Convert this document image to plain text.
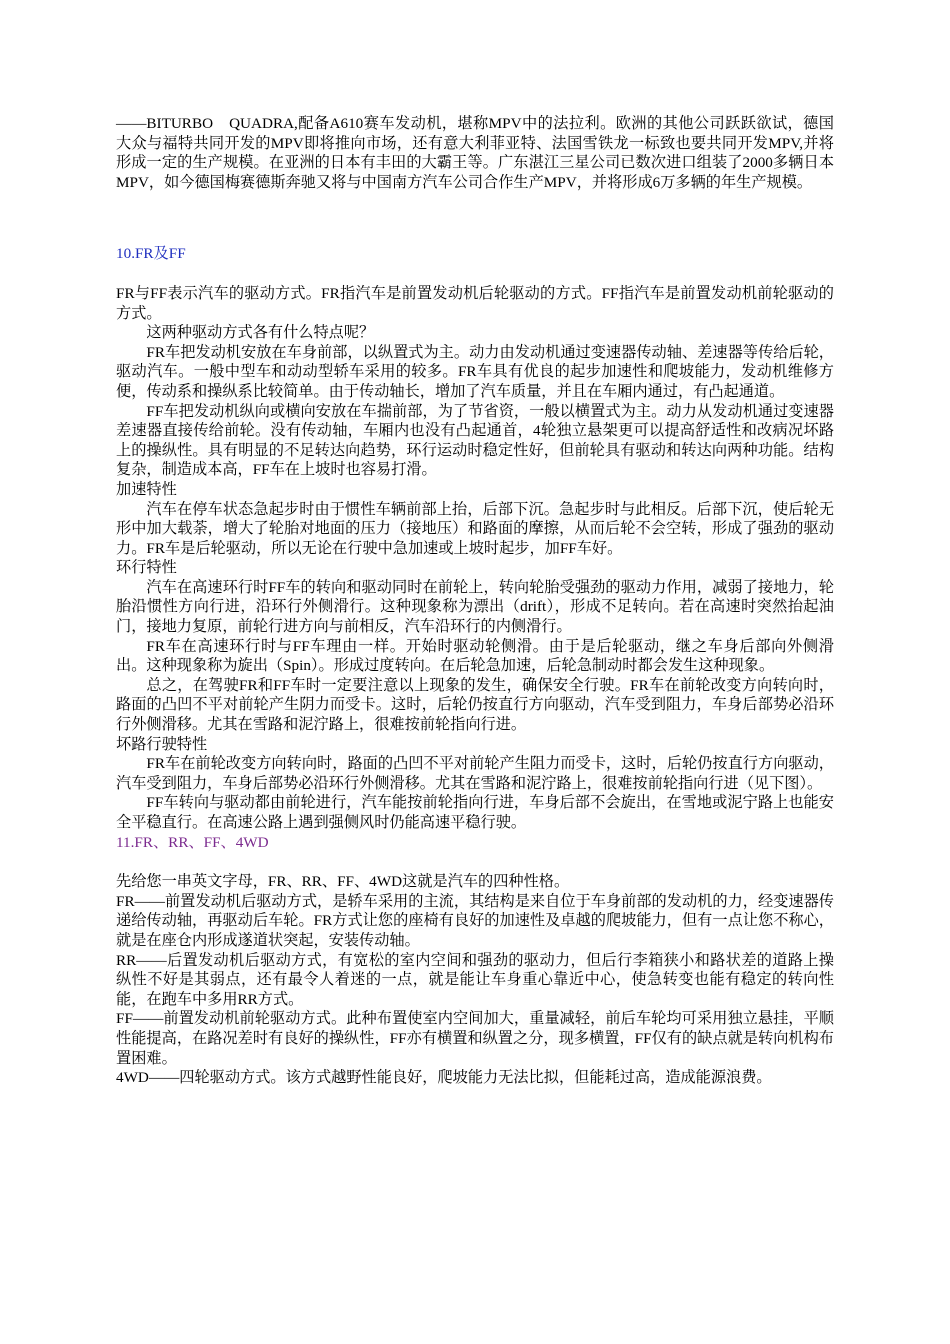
——BITURBO　QUADRA,配备A610赛车发动机，堪称MPV中的法拉利。欧洲的其他公司跃跃欲试，德国大众与福特共同开发的MPV即将推向市场，还有意大利菲亚特、法国雪铁龙一标致也要共同开发MPV,并将形成一定的生产规模。在亚洲的日本有丰田的大霸王等。广东湛江三星公司已数次进口组装了2000多辆日本MPV，如今德国梅赛德斯奔驰又将与中国南方汽车公司合作生产MPV，并将形成6万多辆的年生产规模。

10.FR及FF

FR与FF表示汽车的驱动方式。FR指汽车是前置发动机后轮驱动的方式。FF指汽车是前置发动机前轮驱动的方式。

这两种驱动方式各有什么特点呢？

FR车把发动机安放在车身前部，以纵置式为主。动力由发动机通过变速器传动轴、差速器等传给后轮，驱动汽车。一般中型车和动动型轿车采用的较多。FR车具有优良的起步加速性和爬坡能力，发动机维修方便，传动系和操纵系比较简单。由于传动轴长，增加了汽车质量，并且在车厢内通过，有凸起通道。

FF车把发动机纵向或横向安放在车揣前部，为了节省资，一般以横置式为主。动力从发动机通过变速器差速器直接传给前轮。没有传动轴，车厢内也没有凸起通首，4轮独立悬架更可以提高舒适性和改病况坏路上的操纵性。具有明显的不足转达向趋势，环行运动时稳定性好，但前轮具有驱动和转达向两种功能。结构复杂，制造成本高，FF车在上坡时也容易打滑。

加速特性

汽车在停车状态急起步时由于惯性车辆前部上抬，后部下沉。急起步时与此相反。后部下沉，使后轮无形中加大载荼，增大了轮胎对地面的压力（接地压）和路面的摩擦，从而后轮不会空转，形成了强劲的驱动力。FR车是后轮驱动，所以无论在行驶中急加速或上坡时起步，加FF车好。

环行特性

汽车在高速环行时FF车的转向和驱动同时在前轮上，转向轮胎受强劲的驱动力作用，减弱了接地力，轮胎沿惯性方向行进，沿环行外侧滑行。这种现象称为漂出（drift），形成不足转向。若在高速时突然抬起油门，接地力复原，前轮行进方向与前相反，汽车沿环行的内侧滑行。

FR车在高速环行时与FF车理由一样。开始时驱动轮侧滑。由于是后轮驱动，继之车身后部向外侧滑出。这种现象称为旋出（Spin）。形成过度转向。在后轮急加速，后轮急制动时都会发生这种现象。

总之，在驾驶FR和FF车时一定要注意以上现象的发生，确保安全行驶。FR车在前轮改变方向转向时，路面的凸凹不平对前轮产生阴力而受卡。这时，后轮仍按直行方向驱动，汽车受到阻力，车身后部势必沿环行外侧滑移。尤其在雪路和泥泞路上，很难按前轮指向行进。

坏路行驶特性

FR车在前轮改变方向转向时，路面的凸凹不平对前轮产生阻力而受卡，这时，后轮仍按直行方向驱动，汽车受到阻力，车身后部势必沿环行外侧滑移。尤其在雪路和泥泞路上，很难按前轮指向行进（见下图）。

FF车转向与驱动都由前轮进行，汽车能按前轮指向行进，车身后部不会旋出，在雪地或泥宁路上也能安全平稳直行。在高速公路上遇到强侧风时仍能高速平稳行驶。

11.FR、RR、FF、4WD

先给您一串英文字母，FR、RR、FF、4WD这就是汽车的四种性格。

FR——前置发动机后驱动方式，是轿车采用的主流，其结构是来自位于车身前部的发动机的力，经变速器传递给传动轴，再驱动后车轮。FR方式让您的座椅有良好的加速性及卓越的爬坡能力，但有一点让您不称心，就是在座仓内形成遂道状突起，安装传动轴。

RR——后置发动机后驱动方式，有宽松的室内空间和强劲的驱动力，但后行李箱狭小和路状差的道路上操纵性不好是其弱点，还有最令人着迷的一点，就是能让车身重心靠近中心，使急转变也能有稳定的转向性能，在跑车中多用RR方式。

FF——前置发动机前轮驱动方式。此种布置使室内空间加大，重量减轻，前后车轮均可采用独立悬挂，平顺性能提高，在路况差时有良好的操纵性，FF亦有横置和纵置之分，现多横置，FF仅有的缺点就是转向机构布置困难。

4WD——四轮驱动方式。该方式越野性能良好，爬坡能力无法比拟，但能耗过高，造成能源浪费。
